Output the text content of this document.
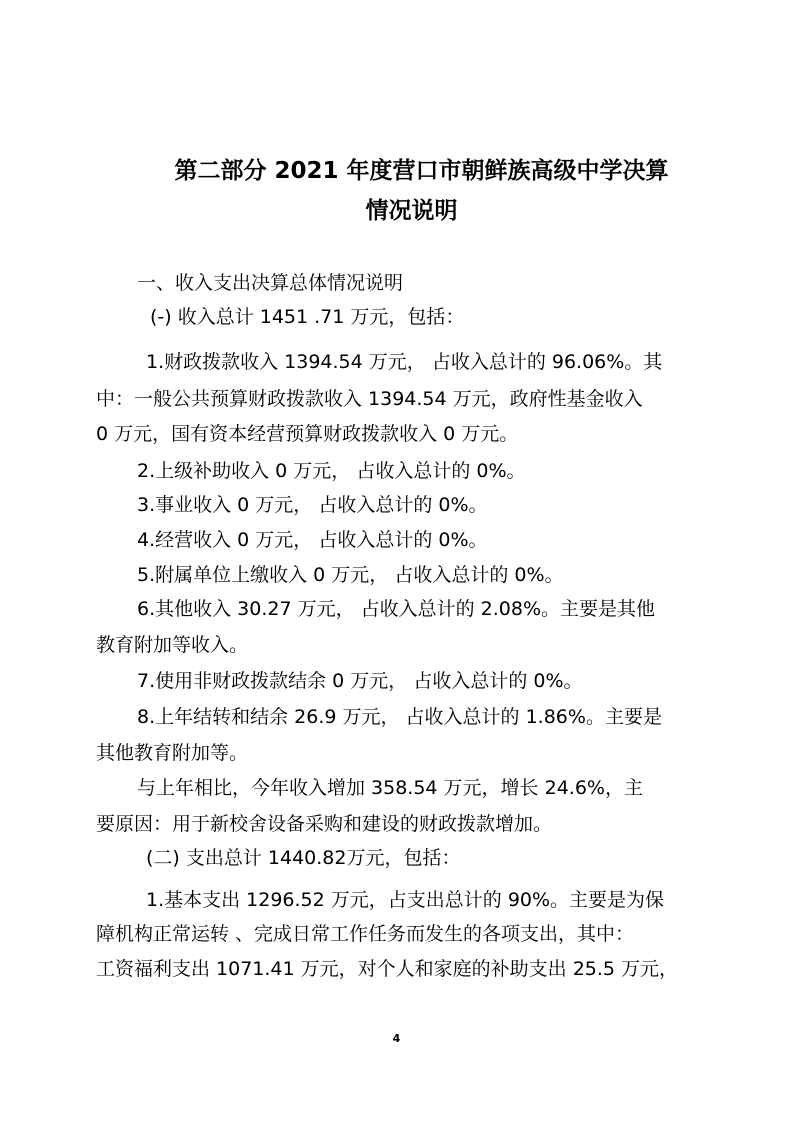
第二部分 2021 年度营口市朝鲜族高级中学决算
情况说明
一、收入支出决算总体情况说明
(-) 收入总计 1451 .71 万元，包括：
1.财政拨款收入 1394.54 万元， 占收入总计的 96.06%。其
中：一般公共预算财政拨款收入 1394.54 万元，政府性基金收入
0 万元，国有资本经营预算财政拨款收入 0 万元。
2.上级补助收入 0 万元， 占收入总计的 0%。
3.事业收入 0 万元， 占收入总计的 0%。
4.经营收入 0 万元， 占收入总计的 0%。
5.附属单位上缴收入 0 万元， 占收入总计的 0%。
6.其他收入 30.27 万元， 占收入总计的 2.08%。主要是其他
教育附加等收入。
7.使用非财政拨款结余 0 万元， 占收入总计的 0%。
8.上年结转和结余 26.9 万元， 占收入总计的 1.86%。主要是
其他教育附加等。
与上年相比，今年收入增加 358.54 万元，增长 24.6%，主
要原因：用于新校舍设备采购和建设的财政拨款增加。
(二) 支出总计 1440.82万元，包括：
1.基本支出 1296.52 万元，占支出总计的 90%。主要是为保
障机构正常运转 、完成日常工作任务而发生的各项支出，其中：
工资福利支出 1071.41 万元，对个人和家庭的补助支出 25.5 万元，
4
